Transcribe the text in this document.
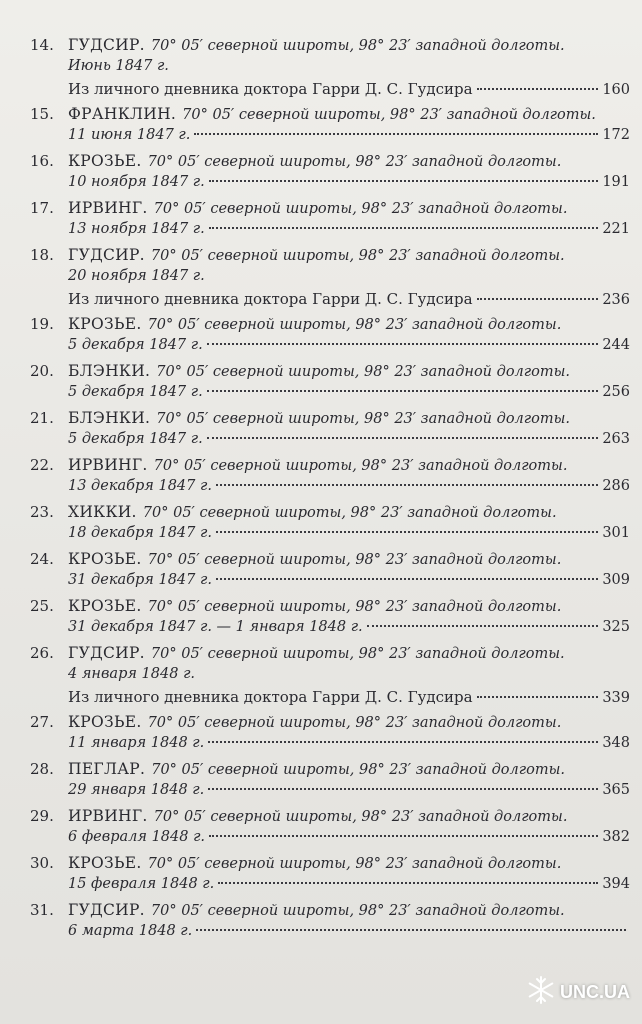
14. ГУДСИР. 70° 05′ северной широты, 98° 23′ западной долготы.
Июнь 1847 г.
Из личного дневника доктора Гарри Д. С. Гудсира	160
15. ФРАНКЛИН. 70° 05′ северной широты, 98° 23′ западной долготы.
11 июня 1847 г.	172
16. КРОЗЬЕ. 70° 05′ северной широты, 98° 23′ западной долготы.
10 ноября 1847 г.	191
17. ИРВИНГ. 70° 05′ северной широты, 98° 23′ западной долготы.
13 ноября 1847 г.	221
18. ГУДСИР. 70° 05′ северной широты, 98° 23′ западной долготы.
20 ноября 1847 г.
Из личного дневника доктора Гарри Д. С. Гудсира	236
19. КРОЗЬЕ. 70° 05′ северной широты, 98° 23′ западной долготы.
5 декабря 1847 г.	244
20. БЛЭНКИ. 70° 05′ северной широты, 98° 23′ западной долготы.
5 декабря 1847 г.	256
21. БЛЭНКИ. 70° 05′ северной широты, 98° 23′ западной долготы.
5 декабря 1847 г.	263
22. ИРВИНГ. 70° 05′ северной широты, 98° 23′ западной долготы.
13 декабря 1847 г.	286
23. ХИККИ. 70° 05′ северной широты, 98° 23′ западной долготы.
18 декабря 1847 г.	301
24. КРОЗЬЕ. 70° 05′ северной широты, 98° 23′ западной долготы.
31 декабря 1847 г.	309
25. КРОЗЬЕ. 70° 05′ северной широты, 98° 23′ западной долготы.
31 декабря 1847 г. — 1 января 1848 г.	325
26. ГУДСИР. 70° 05′ северной широты, 98° 23′ западной долготы.
4 января 1848 г.
Из личного дневника доктора Гарри Д. С. Гудсира	339
27. КРОЗЬЕ. 70° 05′ северной широты, 98° 23′ западной долготы.
11 января 1848 г.	348
28. ПЕГЛАР. 70° 05′ северной широты, 98° 23′ западной долготы.
29 января 1848 г.	365
29. ИРВИНГ. 70° 05′ северной широты, 98° 23′ западной долготы.
6 февраля 1848 г.	382
30. КРОЗЬЕ. 70° 05′ северной широты, 98° 23′ западной долготы.
15 февраля 1848 г.	394
31. ГУДСИР. 70° 05′ северной широты, 98° 23′ западной долготы.
6 марта 1848 г.
UNC.UA
